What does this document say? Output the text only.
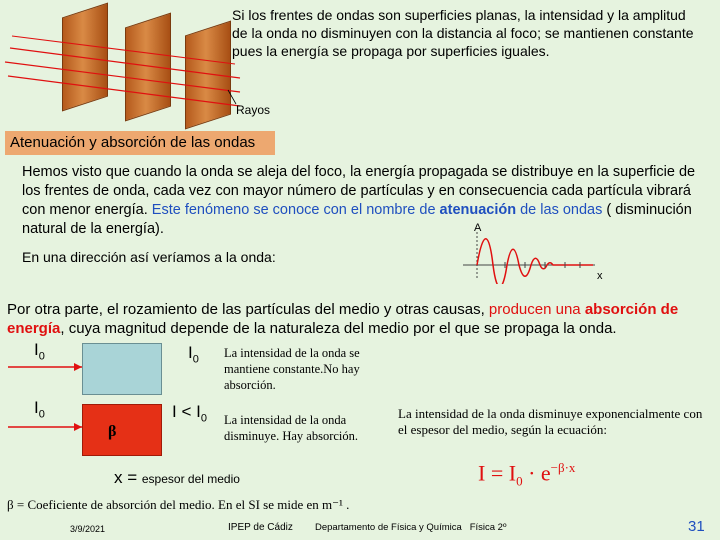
Rayos
Si los frentes de ondas son superficies planas, la intensidad y la amplitud de la onda no disminuyen con la distancia al foco; se mantienen constante pues la energía se propaga por superficies iguales.
Atenuación y absorción de las ondas
Hemos visto que cuando la onda se aleja del foco, la energía propagada se distribuye en la superficie de los frentes de onda, cada vez con mayor número de partículas y en consecuencia cada partícula vibrará con menor energía. Este fenómeno se conoce con el nombre de atenuación de las ondas ( disminución natural de la energía).
En una dirección así veríamos a la onda:
A
x
Por otra parte, el rozamiento de las partículas del medio y otras causas, producen una absorción de energía, cuya magnitud depende de la naturaleza del medio por el que se propaga la onda.
$I_0$	$I_0$ La intensidad de la onda se mantiene constante.No hay absorción.
$I_0$
β
$I < I_0$ La intensidad de la onda disminuye. Hay absorción.
La intensidad de la onda disminuye exponencialmente con el espesor del medio, según la ecuación:
$I = I_0 \cdot e^{-\beta\cdot x}$
x = espesor del medio
β = Coeficiente de absorción del medio. En el SI se mide en m⁻¹ .
3/9/2021	IPEP de Cádiz Departamento de Física y Química   Física 2º	31
